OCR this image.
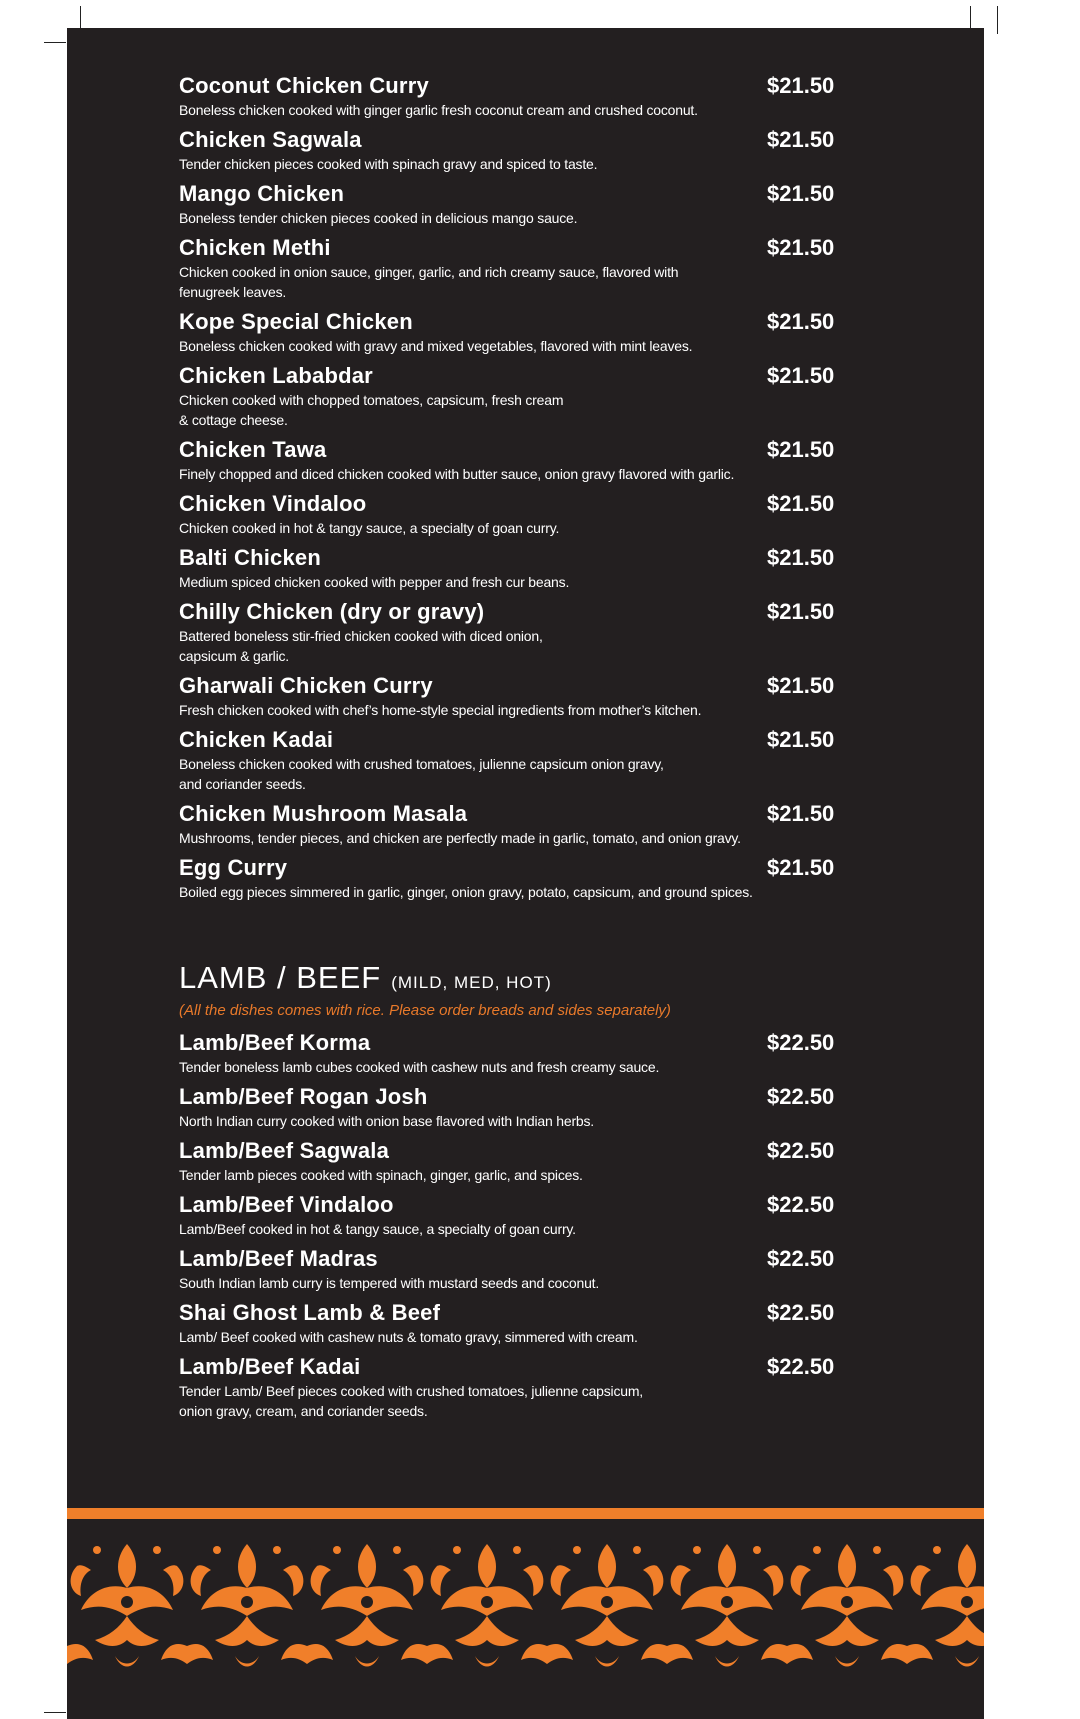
Coconut Chicken Curry	$21.50
Boneless chicken cooked with ginger garlic fresh coconut cream and crushed coconut.
Chicken Sagwala	$21.50
Tender chicken pieces cooked with spinach gravy and spiced to taste.
Mango Chicken	$21.50
Boneless tender chicken pieces cooked in delicious mango sauce.
Chicken Methi	$21.50
Chicken cooked in onion sauce, ginger, garlic, and rich creamy sauce, flavored with
fenugreek leaves.
Kope Special Chicken	$21.50
Boneless chicken cooked with gravy and mixed vegetables, flavored with mint leaves.
Chicken Lababdar	$21.50
Chicken cooked with chopped tomatoes, capsicum, fresh cream
& cottage cheese.
Chicken Tawa	$21.50
Finely chopped and diced chicken cooked with butter sauce, onion gravy flavored with garlic.
Chicken Vindaloo	$21.50
Chicken cooked in hot & tangy sauce, a specialty of goan curry.
Balti Chicken	$21.50
Medium spiced chicken cooked with pepper and fresh cur beans.
Chilly Chicken (dry or gravy)	$21.50
Battered boneless stir-fried chicken cooked with diced onion,
capsicum & garlic.
Gharwali Chicken Curry	$21.50
Fresh chicken cooked with chef’s home-style special ingredients from mother’s kitchen.
Chicken Kadai	$21.50
Boneless chicken cooked with crushed tomatoes, julienne capsicum onion gravy,
and coriander seeds.
Chicken Mushroom Masala	$21.50
Mushrooms, tender pieces, and chicken are perfectly made in garlic, tomato, and onion gravy.
Egg Curry	$21.50
Boiled egg pieces simmered in garlic, ginger, onion gravy, potato, capsicum, and ground spices.
LAMB / BEEF (MILD, MED, HOT)
(All the dishes comes with rice. Please order breads and sides separately)
Lamb/Beef Korma	$22.50
Tender boneless lamb cubes cooked with cashew nuts and fresh creamy sauce.
Lamb/Beef Rogan Josh	$22.50
North Indian curry cooked with onion base flavored with Indian herbs.
Lamb/Beef Sagwala	$22.50
Tender lamb pieces cooked with spinach, ginger, garlic, and spices.
Lamb/Beef Vindaloo	$22.50
Lamb/Beef cooked in hot & tangy sauce, a specialty of goan curry.
Lamb/Beef Madras	$22.50
South Indian lamb curry is tempered with mustard seeds and coconut.
Shai Ghost Lamb & Beef	$22.50
Lamb/ Beef cooked with cashew nuts & tomato gravy, simmered with cream.
Lamb/Beef Kadai	$22.50
Tender Lamb/ Beef pieces cooked with crushed tomatoes, julienne capsicum,
onion gravy, cream, and coriander seeds.
